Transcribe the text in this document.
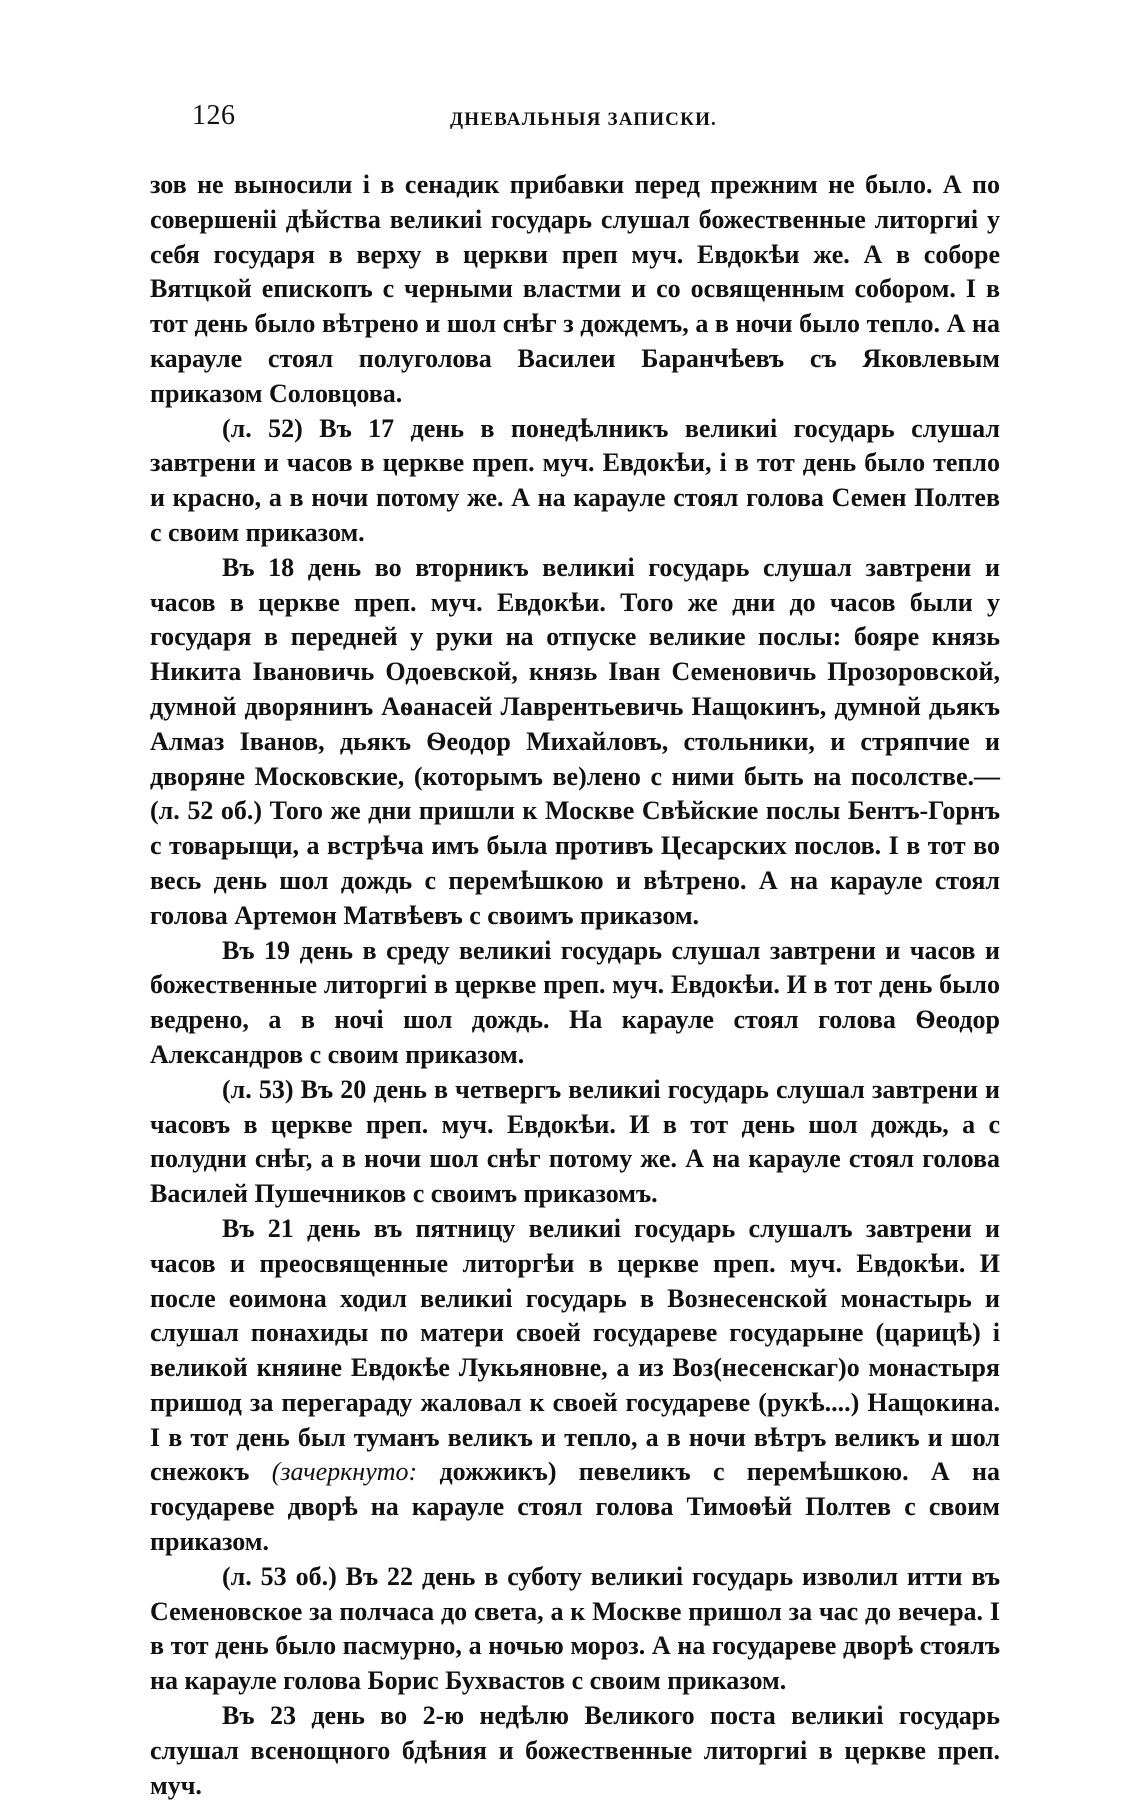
126	ДНЕВАЛЬНЫЯ ЗАПИСКИ.

зов не выносили і в сенадик прибавки перед прежним не было. А по совершеніі дѣйства великиі государь слушал божественные литоргиі у себя государя в верху в церкви преп муч. Евдокѣи же. А в соборе Вятцкой епископъ с черными властми и со освященным собором. І в тот день было вѣтрено и шол снѣг з дождемъ, а в ночи было тепло. А на карауле стоял полуголова Василеи Баранчѣевъ съ Яковлевым приказом Соловцова.

(л. 52) Въ 17 день в понедѣлникъ великиі государь слушал завтрени и часов в церкве преп. муч. Евдокѣи, і в тот день было тепло и красно, а в ночи потому же. А на карауле стоял голова Семен Полтев с своим приказом.

Въ 18 день во вторникъ великиі государь слушал завтрени и часов в церкве преп. муч. Евдокѣи. Того же дни до часов были у государя в передней у руки на отпуске великие послы: бояре князь Никита Івановичь Одоевской, князь Іван Семеновичь Прозоровской, думной дворянинъ Аѳанасей Лаврентьевичь Нащокинъ, думной дьякъ Алмаз Іванов, дьякъ Ѳеодор Михайловъ, стольники, и стряпчие и дворяне Московские, (которымъ ве)лено с ними быть на посолстве.—(л. 52 об.) Того же дни пришли к Москве Свѣйские послы Бентъ-Горнъ с товарыщи, а встрѣча имъ была противъ Цесарских послов. І в тот во весь день шол дождь с перемѣшкою и вѣтрено. А на карауле стоял голова Артемон Матвѣевъ с своимъ приказом.

Въ 19 день в среду великиі государь слушал завтрени и часов и божественные литоргиі в церкве преп. муч. Евдокѣи. И в тот день было ведрено, а в ночі шол дождь. На карауле стоял голова Ѳеодор Александров с своим приказом.

(л. 53) Въ 20 день в четвергъ великиі государь слушал завтрени и часовъ в церкве преп. муч. Евдокѣи. И в тот день шол дождь, а с полудни снѣг, а в ночи шол снѣг потому же. А на карауле стоял голова Василей Пушечников с своимъ приказомъ.

Въ 21 день въ пятницу великиі государь слушалъ завтрени и часов и преосвященные литоргѣи в церкве преп. муч. Евдокѣи. И после еоимона ходил великиі государь в Вознесенской монастырь и слушал понахиды по матери своей государеве государыне (царицѣ) і великой княине Евдокѣе Лукьяновне, а из Воз(несенскаг)о монастыря пришод за перегараду жаловал к своей государеве (рукѣ....) Нащокина. І в тот день был туманъ великъ и тепло, а в ночи вѣтръ великъ и шол снежокъ (зачеркнуто: дожжикъ) певеликъ с перемѣшкою. А на государеве дворѣ на карауле стоял голова Тимоѳѣй Полтев с своим приказом.

(л. 53 об.) Въ 22 день в суботу великиі государь изволил итти въ Семеновское за полчаса до света, а к Москве пришол за час до вечера. І в тот день было пасмурно, а ночью мороз. А на государеве дворѣ стоялъ на карауле голова Борис Бухвастов с своим приказом.

Въ 23 день во 2-ю недѣлю Великого поста великиі государь слушал всенощного бдѣния и божественные литоргиі в церкве преп. муч.
